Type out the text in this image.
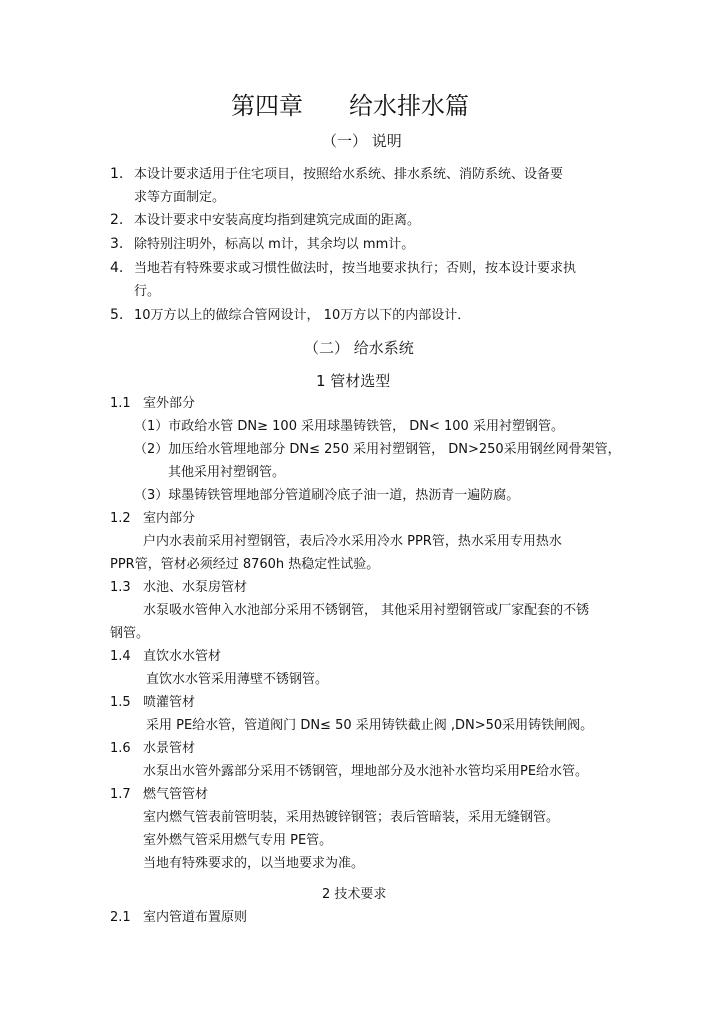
第四章 给水排水篇
（一） 说明
1. 本设计要求适用于住宅项目，按照给水系统、排水系统、消防系统、设备要
求等方面制定。
2. 本设计要求中安装高度均指到建筑完成面的距离。
3. 除特别注明外，标高以 m计，其余均以 mm计。
4. 当地若有特殊要求或习惯性做法时，按当地要求执行；否则，按本设计要求执
行。
5. 10万方以上的做综合管网设计， 10万方以下的内部设计．
（二） 给水系统
1 管材选型
1.1 室外部分
（1）市政给水管 DN≥ 100 采用球墨铸铁管， DN< 100 采用衬塑钢管。
（2）加压给水管埋地部分 DN≤ 250 采用衬塑钢管， DN>250采用钢丝网骨架管，
其他采用衬塑钢管。
（3）球墨铸铁管埋地部分管道刷冷底子油一道，热沥青一遍防腐。
1.2 室内部分
户内水表前采用衬塑钢管，表后冷水采用冷水 PPR管，热水采用专用热水
PPR管，管材必须经过 8760h 热稳定性试验。
1.3 水池、水泵房管材
水泵吸水管伸入水池部分采用不锈钢管， 其他采用衬塑钢管或厂家配套的不锈
钢管。
1.4 直饮水水管材
直饮水水管采用薄壁不锈钢管。
1.5 喷灌管材
采用 PE给水管，管道阀门 DN≤ 50 采用铸铁截止阀 ,DN>50采用铸铁闸阀。
1.6 水景管材
水泵出水管外露部分采用不锈钢管，埋地部分及水池补水管均采用PE给水管。
1.7 燃气管管材
室内燃气管表前管明装，采用热镀锌钢管；表后管暗装，采用无缝钢管。
室外燃气管采用燃气专用 PE管。
当地有特殊要求的，以当地要求为准。
2 技术要求
2.1 室内管道布置原则
